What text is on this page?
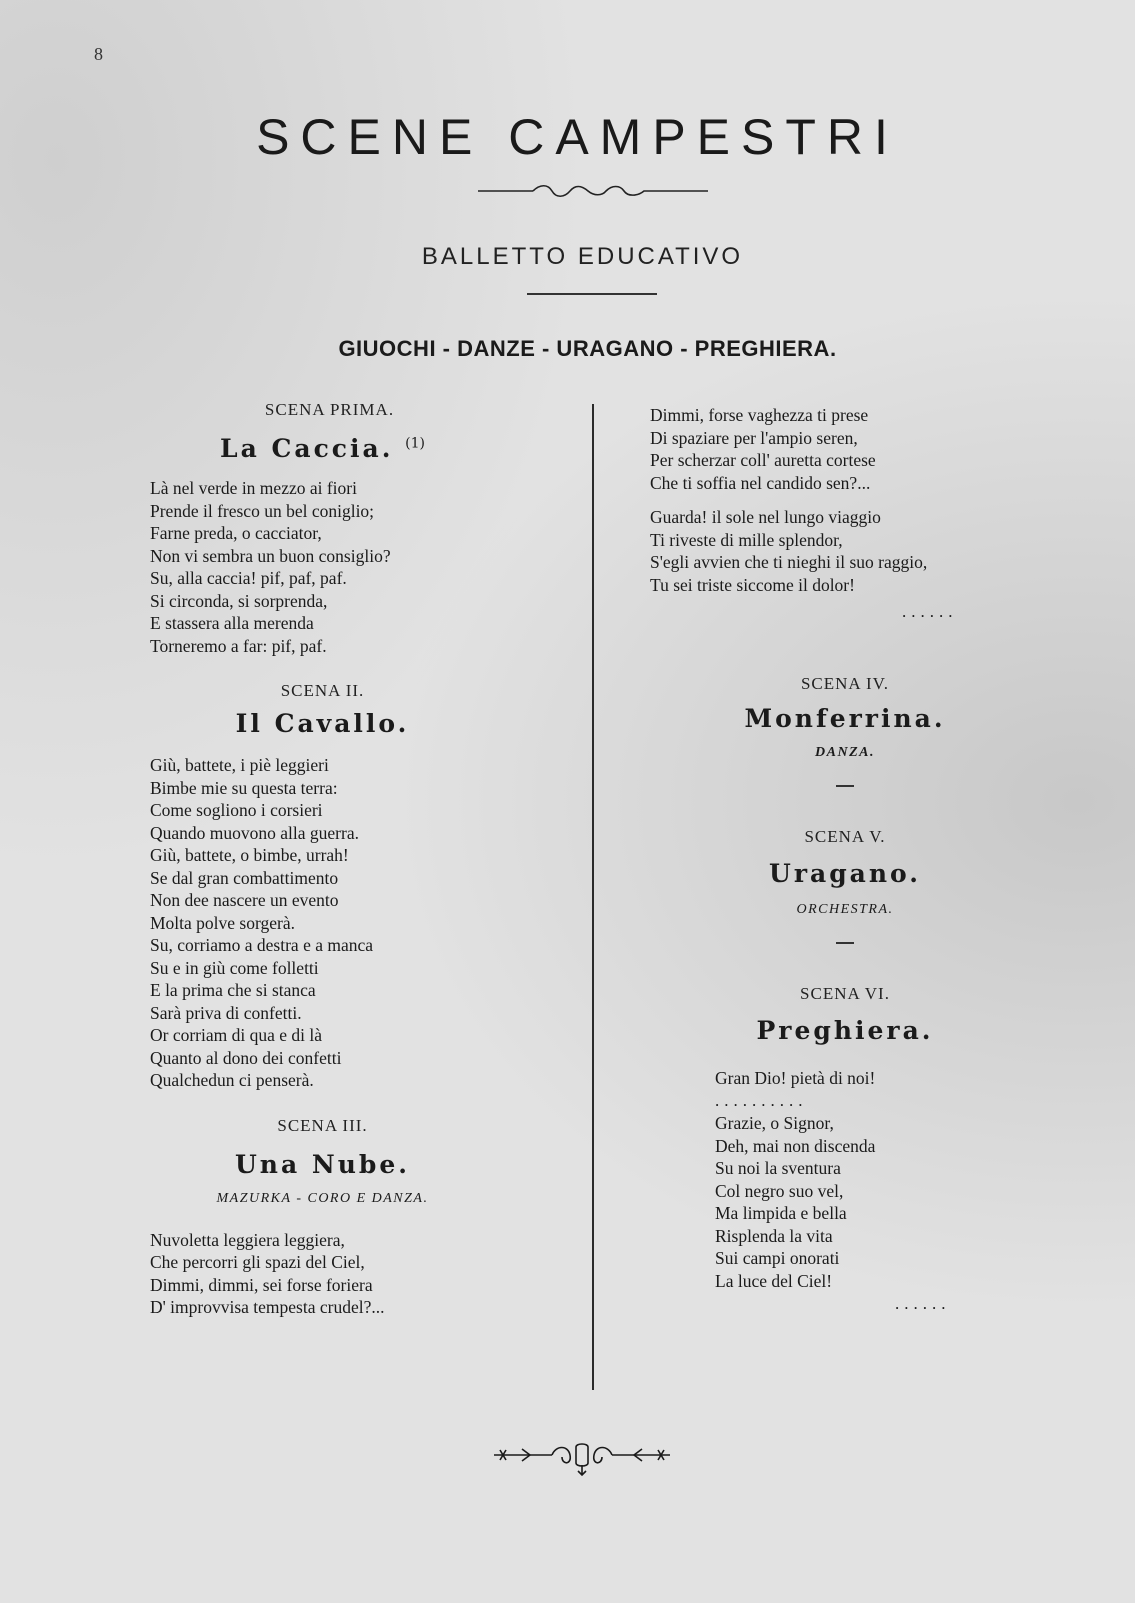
8
SCENE CAMPESTRI
BALLETTO EDUCATIVO
GIUOCHI - DANZE - URAGANO - PREGHIERA.

SCENA PRIMA.

La Caccia. $^{(1)}$

Là nel verde in mezzo ai fiori
Prende il fresco un bel coniglio;
Farne preda, o cacciator,
Non vi sembra un buon consiglio?
Su, alla caccia! pif, paf, paf.
Si circonda, si sorprenda,
E stassera alla merenda
Torneremo a far: pif, paf.

SCENA II.

Il Cavallo.

Giù, battete, i piè leggieri
Bimbe mie su questa terra:
Come sogliono i corsieri
Quando muovono alla guerra.
Giù, battete, o bimbe, urrah!
Se dal gran combattimento
Non dee nascere un evento
Molta polve sorgerà.
Su, corriamo a destra e a manca
Su e in giù come folletti
E la prima che si stanca
Sarà priva di confetti.
Or corriam di qua e di là
Quanto al dono dei confetti
Qualchedun ci penserà.

SCENA III.

Una Nube.

MAZURKA - CORO E DANZA.

Nuvoletta leggiera leggiera,
Che percorri gli spazi del Ciel,
Dimmi, dimmi, sei forse foriera
D' improvvisa tempesta crudel?...
Dimmi, forse vaghezza ti prese
Di spaziare per l'ampio seren,
Per scherzar coll' auretta cortese
Che ti soffia nel candido sen?...
Guarda! il sole nel lungo viaggio
Ti riveste di mille splendor,
S'egli avvien che ti nieghi il suo raggio,
Tu sei triste siccome il dolor!
......

SCENA IV.

Monferrina.

DANZA.

SCENA V.

Uragano.

ORCHESTRA.

SCENA VI.

Preghiera.

Gran Dio! pietà di noi!
..........
Grazie, o Signor,
Deh, mai non discenda
Su noi la sventura
Col negro suo vel,
Ma limpida e bella
Risplenda la vita
Sui campi onorati
La luce del Ciel!
......
